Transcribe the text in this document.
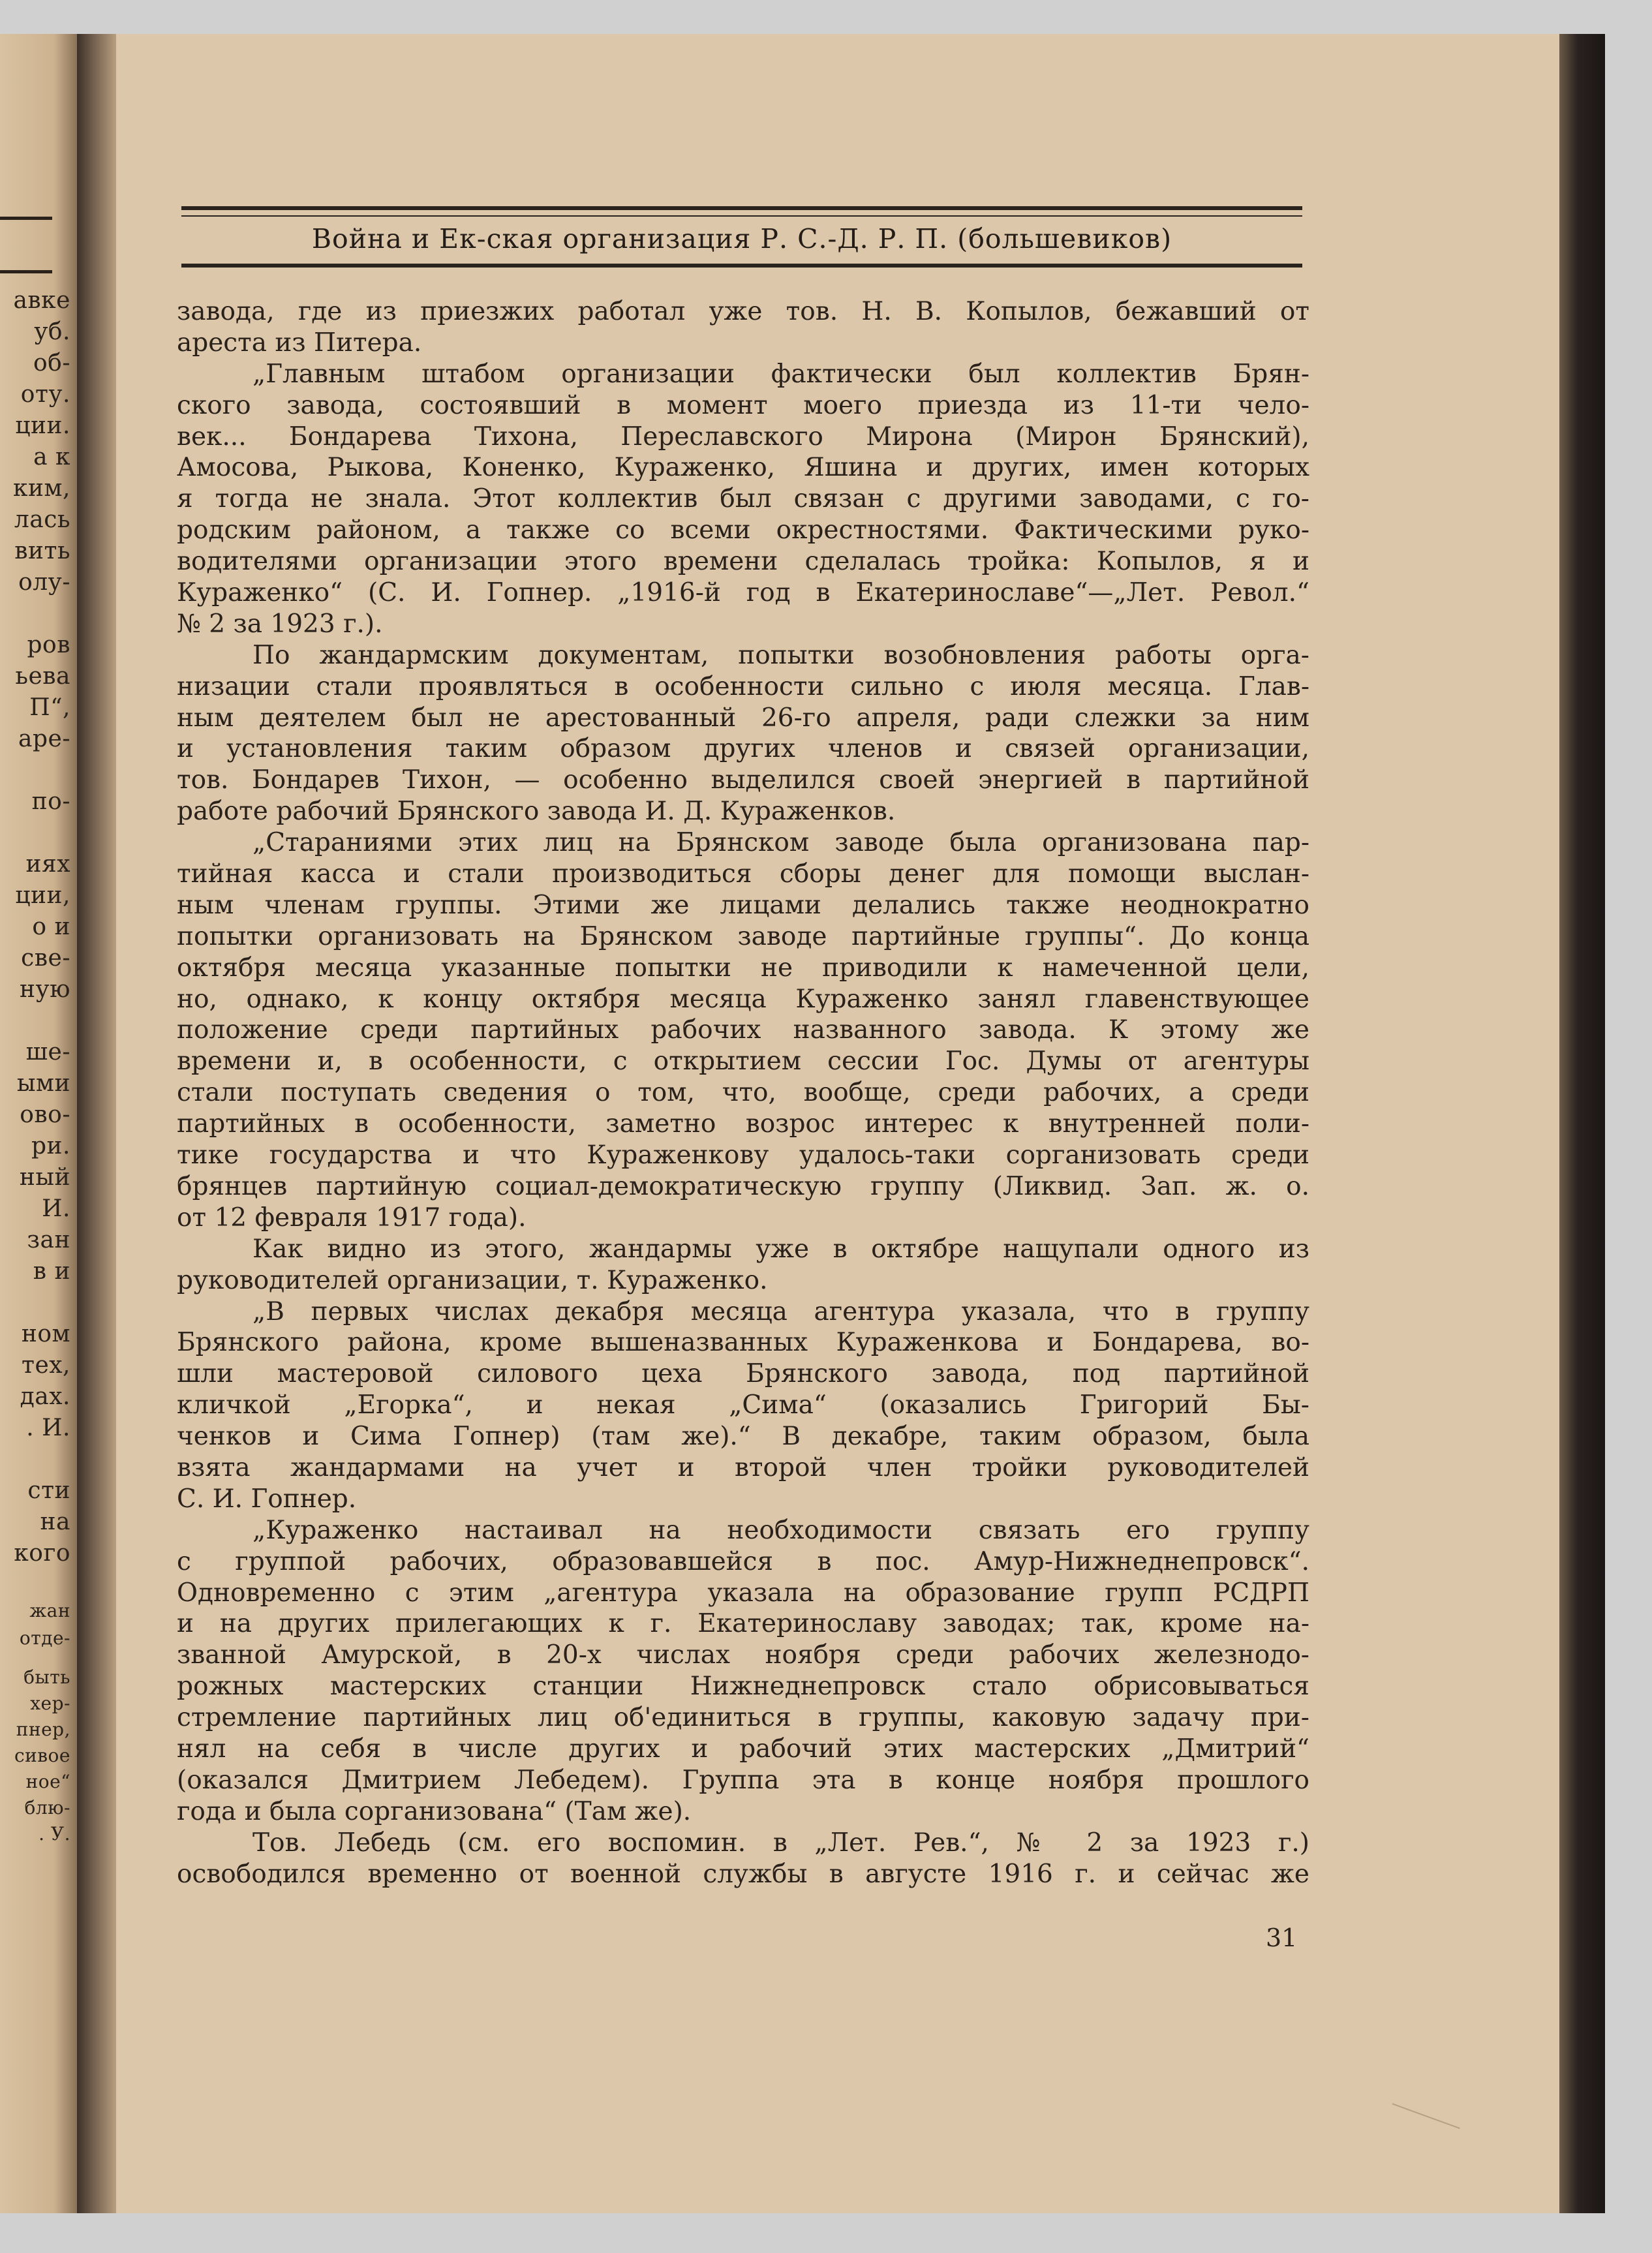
авке
уб.
об-
оту.
ции.
а к
ким,
лась
вить
олу-
ров
ьева
П“,
аре-
по-
иях
ции,
о и
све-
ную
ше-
ыми
ово-
ри.
ный
И.
зан
в и
ном
тех,
дах.
. И.
сти
на
кого
жан
отде-
быть
хер-
пнер,
сивое
ное“
блю-
. У.
Война и Ек-ская организация Р. С.-Д. Р. П. (большевиков)
завода, где из приезжих работал уже тов. Н. В. Копылов, бежавший от
ареста из Питера.
„Главным штабом организации фактически был коллектив Брян-
ского завода, состоявший в момент моего приезда из 11-ти чело-
век... Бондарева Тихона, Переславского Мирона (Мирон Брянский),
Амосова, Рыкова, Коненко, Кураженко, Яшина и других, имен которых
я тогда не знала. Этот коллектив был связан с другими заводами, с го-
родским районом, а также со всеми окрестностями. Фактическими руко-
водителями организации этого времени сделалась тройка: Копылов, я и
Кураженко“ (С. И. Гопнер. „1916-й год в Екатеринославе“—„Лет. Револ.“
№ 2 за 1923 г.).
По жандармским документам, попытки возобновления работы орга-
низации стали проявляться в особенности сильно с июля месяца. Глав-
ным деятелем был не арестованный 26-го апреля, ради слежки за ним
и установления таким образом других членов и связей организации,
тов. Бондарев Тихон, — особенно выделился своей энергией в партийной
работе рабочий Брянского завода И. Д. Кураженков.
„Стараниями этих лиц на Брянском заводе была организована пар-
тийная касса и стали производиться сборы денег для помощи выслан-
ным членам группы. Этими же лицами делались также неоднократно
попытки организовать на Брянском заводе партийные группы“. До конца
октября месяца указанные попытки не приводили к намеченной цели,
но, однако, к концу октября месяца Кураженко занял главенствующее
положение среди партийных рабочих названного завода. К этому же
времени и, в особенности, с открытием сессии Гос. Думы от агентуры
стали поступать сведения о том, что, вообще, среди рабочих, а среди
партийных в особенности, заметно возрос интерес к внутренней поли-
тике государства и что Кураженкову удалось-таки сорганизовать среди
брянцев партийную социал-демократическую группу (Ликвид. Зап. ж. о.
от 12 февраля 1917 года).
Как видно из этого, жандармы уже в октябре нащупали одного из
руководителей организации, т. Кураженко.
„В первых числах декабря месяца агентура указала, что в группу
Брянского района, кроме вышеназванных Кураженкова и Бондарева, во-
шли мастеровой силового цеха Брянского завода, под партийной
кличкой „Егорка“, и некая „Сима“ (оказались Григорий Бы-
ченков и Сима Гопнер) (там же).“ В декабре, таким образом, была
взята жандармами на учет и второй член тройки руководителей
С. И. Гопнер.
„Кураженко настаивал на необходимости связать его группу
с группой рабочих, образовавшейся в пос. Амур-Нижнеднепровск“.
Одновременно с этим „агентура указала на образование групп РСДРП
и на других прилегающих к г. Екатеринославу заводах; так, кроме на-
званной Амурской, в 20-х числах ноября среди рабочих железнодо-
рожных мастерских станции Нижнеднепровск стало обрисовываться
стремление партийных лиц об'единиться в группы, каковую задачу при-
нял на себя в числе других и рабочий этих мастерских „Дмитрий“
(оказался Дмитрием Лебедем). Группа эта в конце ноября прошлого
года и была сорганизована“ (Там же).
Тов. Лебедь (см. его воспомин. в „Лет. Рев.“, № 2 за 1923 г.)
освободился временно от военной службы в августе 1916 г. и сейчас же
31
